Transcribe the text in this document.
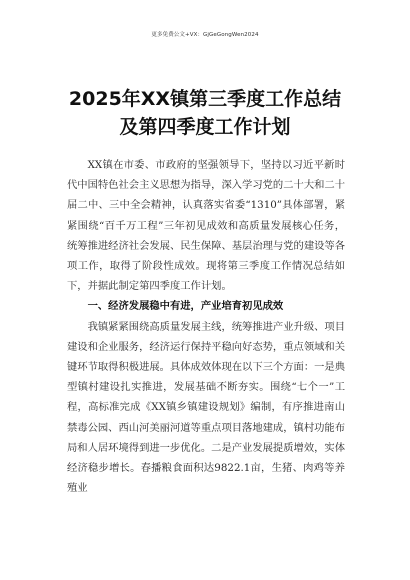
更多免费公文+VX：GjGeGongWen2024
2025年XX镇第三季度工作总结及第四季度工作计划

XX镇在市委、市政府的坚强领导下，坚持以习近平新时代中国特色社会主义思想为指导，深入学习党的二十大和二十届二中、三中全会精神，认真落实省委“1310”具体部署，紧紧围绕“百千万工程”三年初见成效和高质量发展核心任务，统筹推进经济社会发展、民生保障、基层治理与党的建设等各项工作，取得了阶段性成效。现将第三季度工作情况总结如下，并据此制定第四季度工作计划。

一、经济发展稳中有进，产业培育初见成效

我镇紧紧围绕高质量发展主线，统筹推进产业升级、项目建设和企业服务，经济运行保持平稳向好态势，重点领域和关键环节取得积极进展。具体成效体现在以下三个方面：一是典型镇村建设扎实推进，发展基础不断夯实。围绕“七个一”工程，高标准完成《XX镇乡镇建设规划》编制，有序推进南山禁毒公园、西山河美丽河道等重点项目落地建成，镇村功能布局和人居环境得到进一步优化。二是产业发展提质增效，实体经济稳步增长。春播粮食面积达9822.1亩，生猪、肉鸡等养殖业
